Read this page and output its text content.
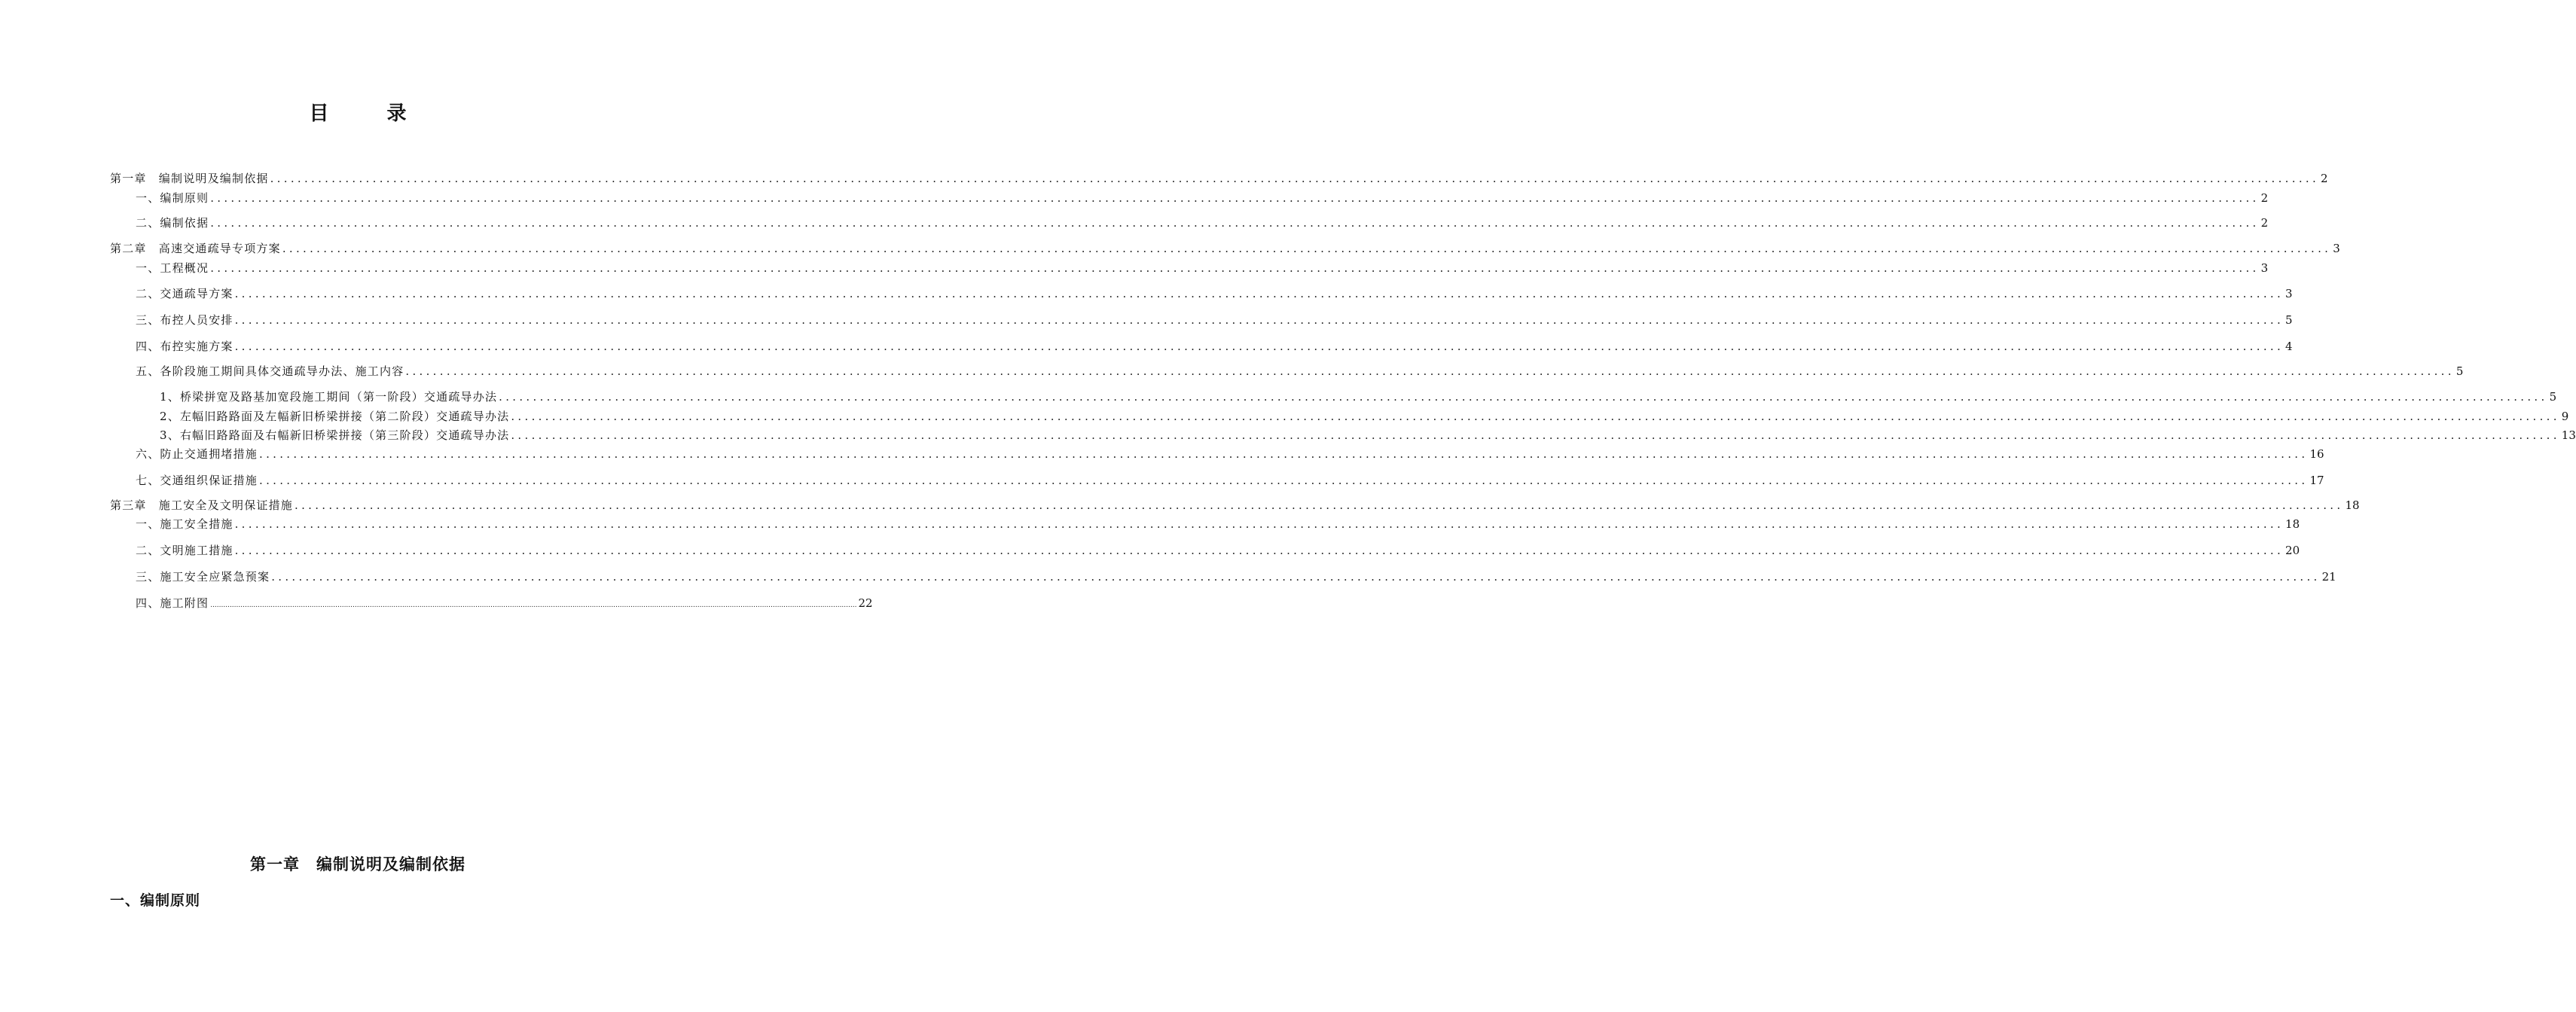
目 录
第一章　编制说明及编制依据 ............................................................................................................................................................................................................................................................................................................ 2
一、编制原则 ............................................................................................................................................................................................................................................................................................................ 2
二、编制依据 ............................................................................................................................................................................................................................................................................................................ 2
第二章　高速交通疏导专项方案 ............................................................................................................................................................................................................................................................................................................ 3
一、工程概况 ............................................................................................................................................................................................................................................................................................................ 3
二、交通疏导方案 ............................................................................................................................................................................................................................................................................................................ 3
三、布控人员安排 ............................................................................................................................................................................................................................................................................................................ 5
四、布控实施方案 ............................................................................................................................................................................................................................................................................................................ 4
五、各阶段施工期间具体交通疏导办法、施工内容 ............................................................................................................................................................................................................................................................................................................ 5
1、桥梁拼宽及路基加宽段施工期间（第一阶段）交通疏导办法 ............................................................................................................................................................................................................................................................................................................ 5
2、左幅旧路路面及左幅新旧桥梁拼接（第二阶段）交通疏导办法 ............................................................................................................................................................................................................................................................................................................ 9
3、右幅旧路路面及右幅新旧桥梁拼接（第三阶段）交通疏导办法 ............................................................................................................................................................................................................................................................................................................ 13
六、防止交通拥堵措施 ............................................................................................................................................................................................................................................................................................................ 16
七、交通组织保证措施 ............................................................................................................................................................................................................................................................................................................ 17
第三章　施工安全及文明保证措施 ............................................................................................................................................................................................................................................................................................................ 18
一、施工安全措施 ............................................................................................................................................................................................................................................................................................................ 18
二、文明施工措施 ............................................................................................................................................................................................................................................................................................................ 20
三、施工安全应紧急预案 ............................................................................................................................................................................................................................................................................................................ 21
四、施工附图 ............................................................................................................................................................................................................................................................................................................ 22
第一章　编制说明及编制依据
一、编制原则
